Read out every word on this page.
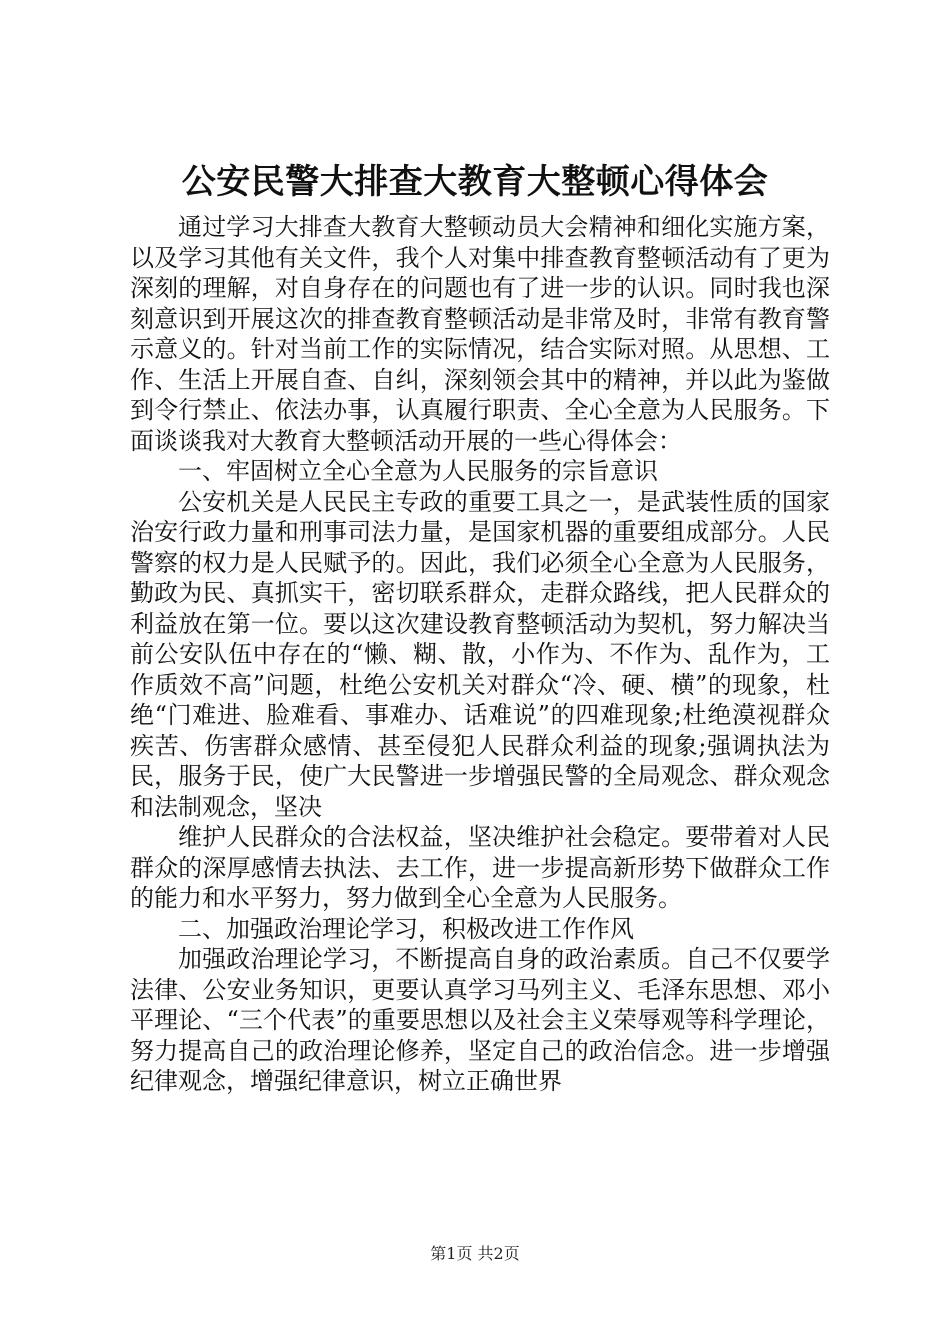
公安民警大排查大教育大整顿心得体会

通过学习大排查大教育大整顿动员大会精神和细化实施方案，以及学习其他有关文件，我个人对集中排查教育整顿活动有了更为深刻的理解，对自身存在的问题也有了进一步的认识。同时我也深刻意识到开展这次的排查教育整顿活动是非常及时，非常有教育警示意义的。针对当前工作的实际情况，结合实际对照。从思想、工作、生活上开展自查、自纠，深刻领会其中的精神，并以此为鉴做到令行禁止、依法办事，认真履行职责、全心全意为人民服务。下面谈谈我对大教育大整顿活动开展的一些心得体会：

一、牢固树立全心全意为人民服务的宗旨意识

公安机关是人民民主专政的重要工具之一，是武装性质的国家治安行政力量和刑事司法力量，是国家机器的重要组成部分。人民警察的权力是人民赋予的。因此，我们必须全心全意为人民服务，勤政为民、真抓实干，密切联系群众，走群众路线，把人民群众的利益放在第一位。要以这次建设教育整顿活动为契机，努力解决当前公安队伍中存在的“懒、糊、散，小作为、不作为、乱作为，工作质效不高”问题，杜绝公安机关对群众“冷、硬、横”的现象，杜绝“门难进、脸难看、事难办、话难说”的四难现象;杜绝漠视群众疾苦、伤害群众感情、甚至侵犯人民群众利益的现象;强调执法为民，服务于民，使广大民警进一步增强民警的全局观念、群众观念和法制观念，坚决

维护人民群众的合法权益，坚决维护社会稳定。要带着对人民群众的深厚感情去执法、去工作，进一步提高新形势下做群众工作的能力和水平努力，努力做到全心全意为人民服务。

二、加强政治理论学习，积极改进工作作风

加强政治理论学习，不断提高自身的政治素质。自己不仅要学法律、公安业务知识，更要认真学习马列主义、毛泽东思想、邓小平理论、“三个代表”的重要思想以及社会主义荣辱观等科学理论，努力提高自己的政治理论修养，坚定自己的政治信念。进一步增强纪律观念，增强纪律意识，树立正确世界

第1页 共2页
